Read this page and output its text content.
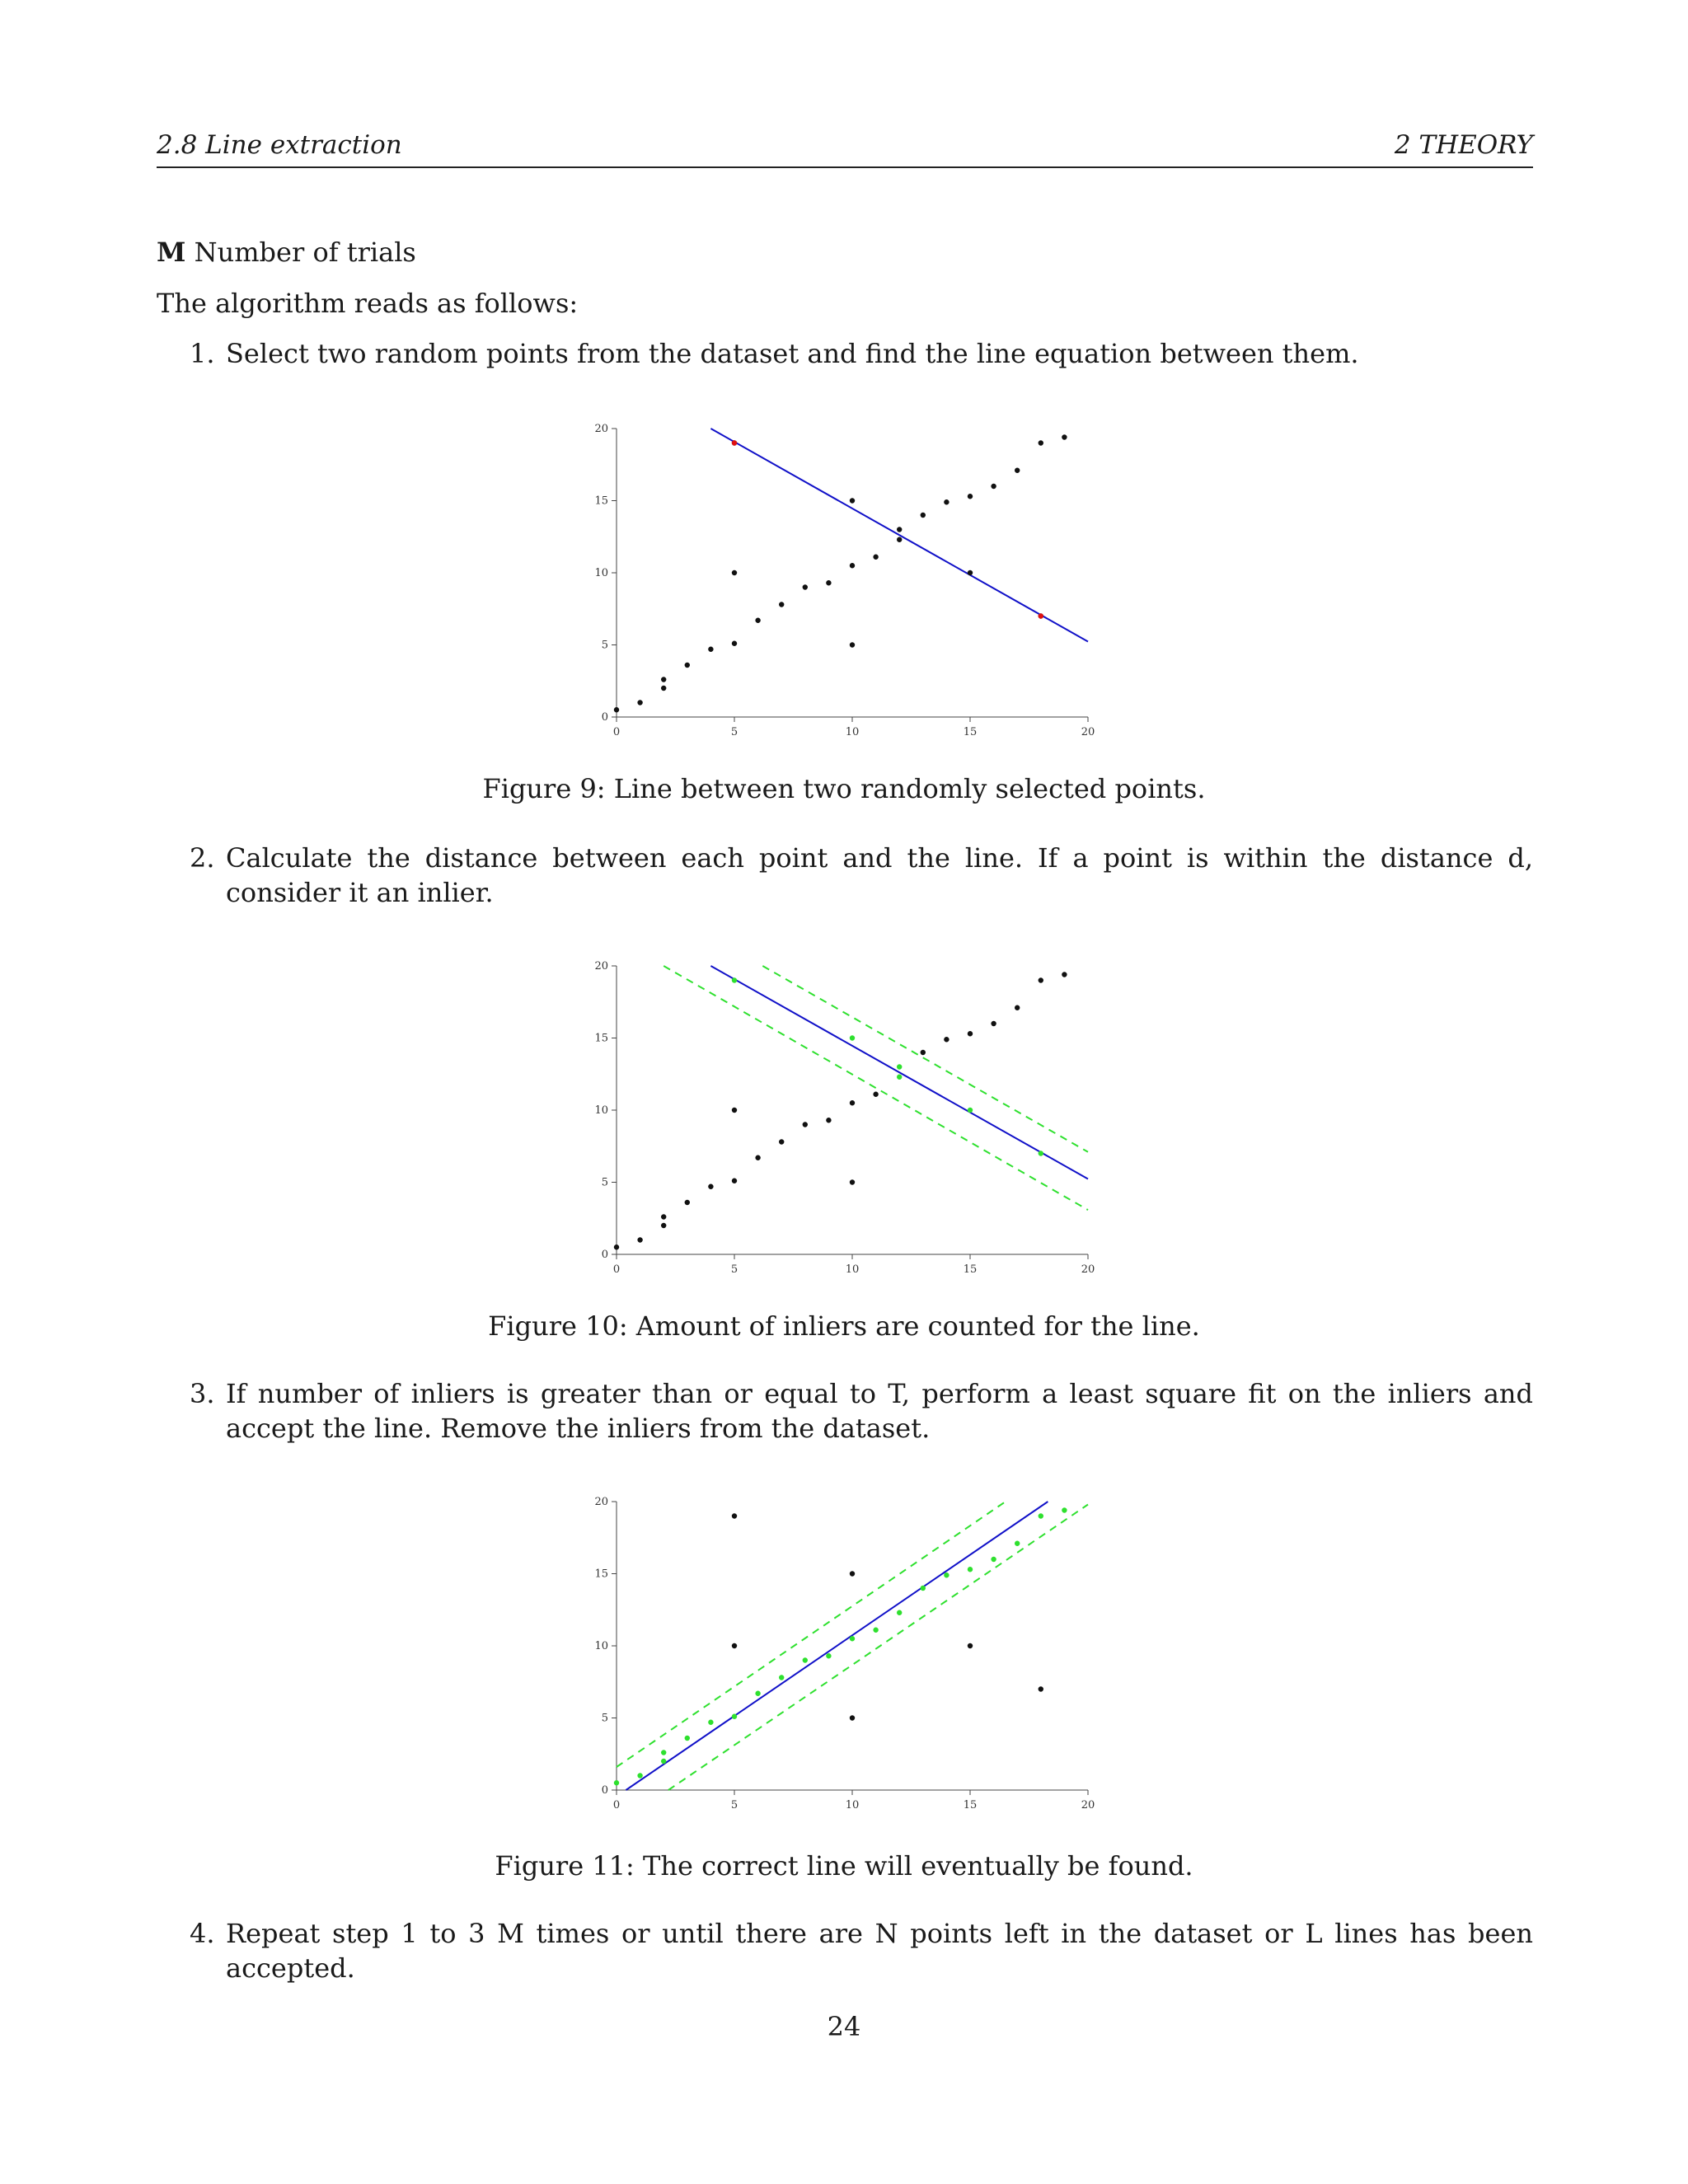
2.8 Line extraction	2 THEORY
M Number of trials
The algorithm reads as follows:
1. Select two random points from the dataset and find the line equation between them.
0	5	10	15	20
0
5
10
15
20
Figure 9: Line between two randomly selected points.
2. Calculate the distance between each point and the line. If a point is within the distance d, consider it an inlier.
0	5	10	15	20
0
5
10
15
20
Figure 10: Amount of inliers are counted for the line.
3. If number of inliers is greater than or equal to T, perform a least square fit on the inliers and accept the line. Remove the inliers from the dataset.
0	5	10	15	20
0
5
10
15
20
Figure 11: The correct line will eventually be found.
4. Repeat step 1 to 3 M times or until there are N points left in the dataset or L lines has been accepted.
24
